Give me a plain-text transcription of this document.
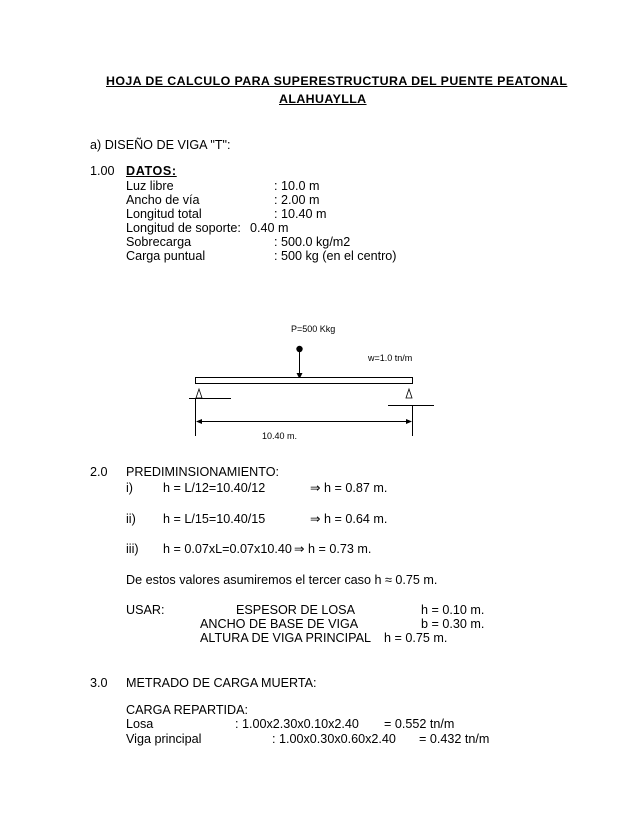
HOJA DE CALCULO PARA SUPERESTRUCTURA DEL PUENTE PEATONAL
ALAHUAYLLA
a) DISEÑO DE VIGA "T":
1.00 DATOS:
Luz libre	: 10.0 m
Ancho de vía	: 2.00 m
Longitud total	: 10.40 m
Longitud de soporte: 0.40 m
Sobrecarga	: 500.0 kg/m2
Carga puntual	: 500 kg (en el centro)
P=500 Kkg
w=1.0 tn/m
10.40 m.
2.0 PREDIMINSIONAMIENTO:
i) h = L/12=10.40/12	⇒ h = 0.87 m.
ii) h = L/15=10.40/15	⇒ h = 0.64 m.
iii) h = 0.07xL=0.07x10.40 ⇒ h = 0.73 m.
De estos valores asumiremos el tercer caso h ≈ 0.75 m.
USAR:	ESPESOR DE LOSA	h = 0.10 m.
ANCHO DE BASE DE VIGA	b = 0.30 m.
ALTURA DE VIGA PRINCIPAL h = 0.75 m.
3.0 METRADO DE CARGA MUERTA:
CARGA REPARTIDA:
Losa	: 1.00x2.30x0.10x2.40 = 0.552 tn/m
Viga principal	: 1.00x0.30x0.60x2.40 = 0.432 tn/m
